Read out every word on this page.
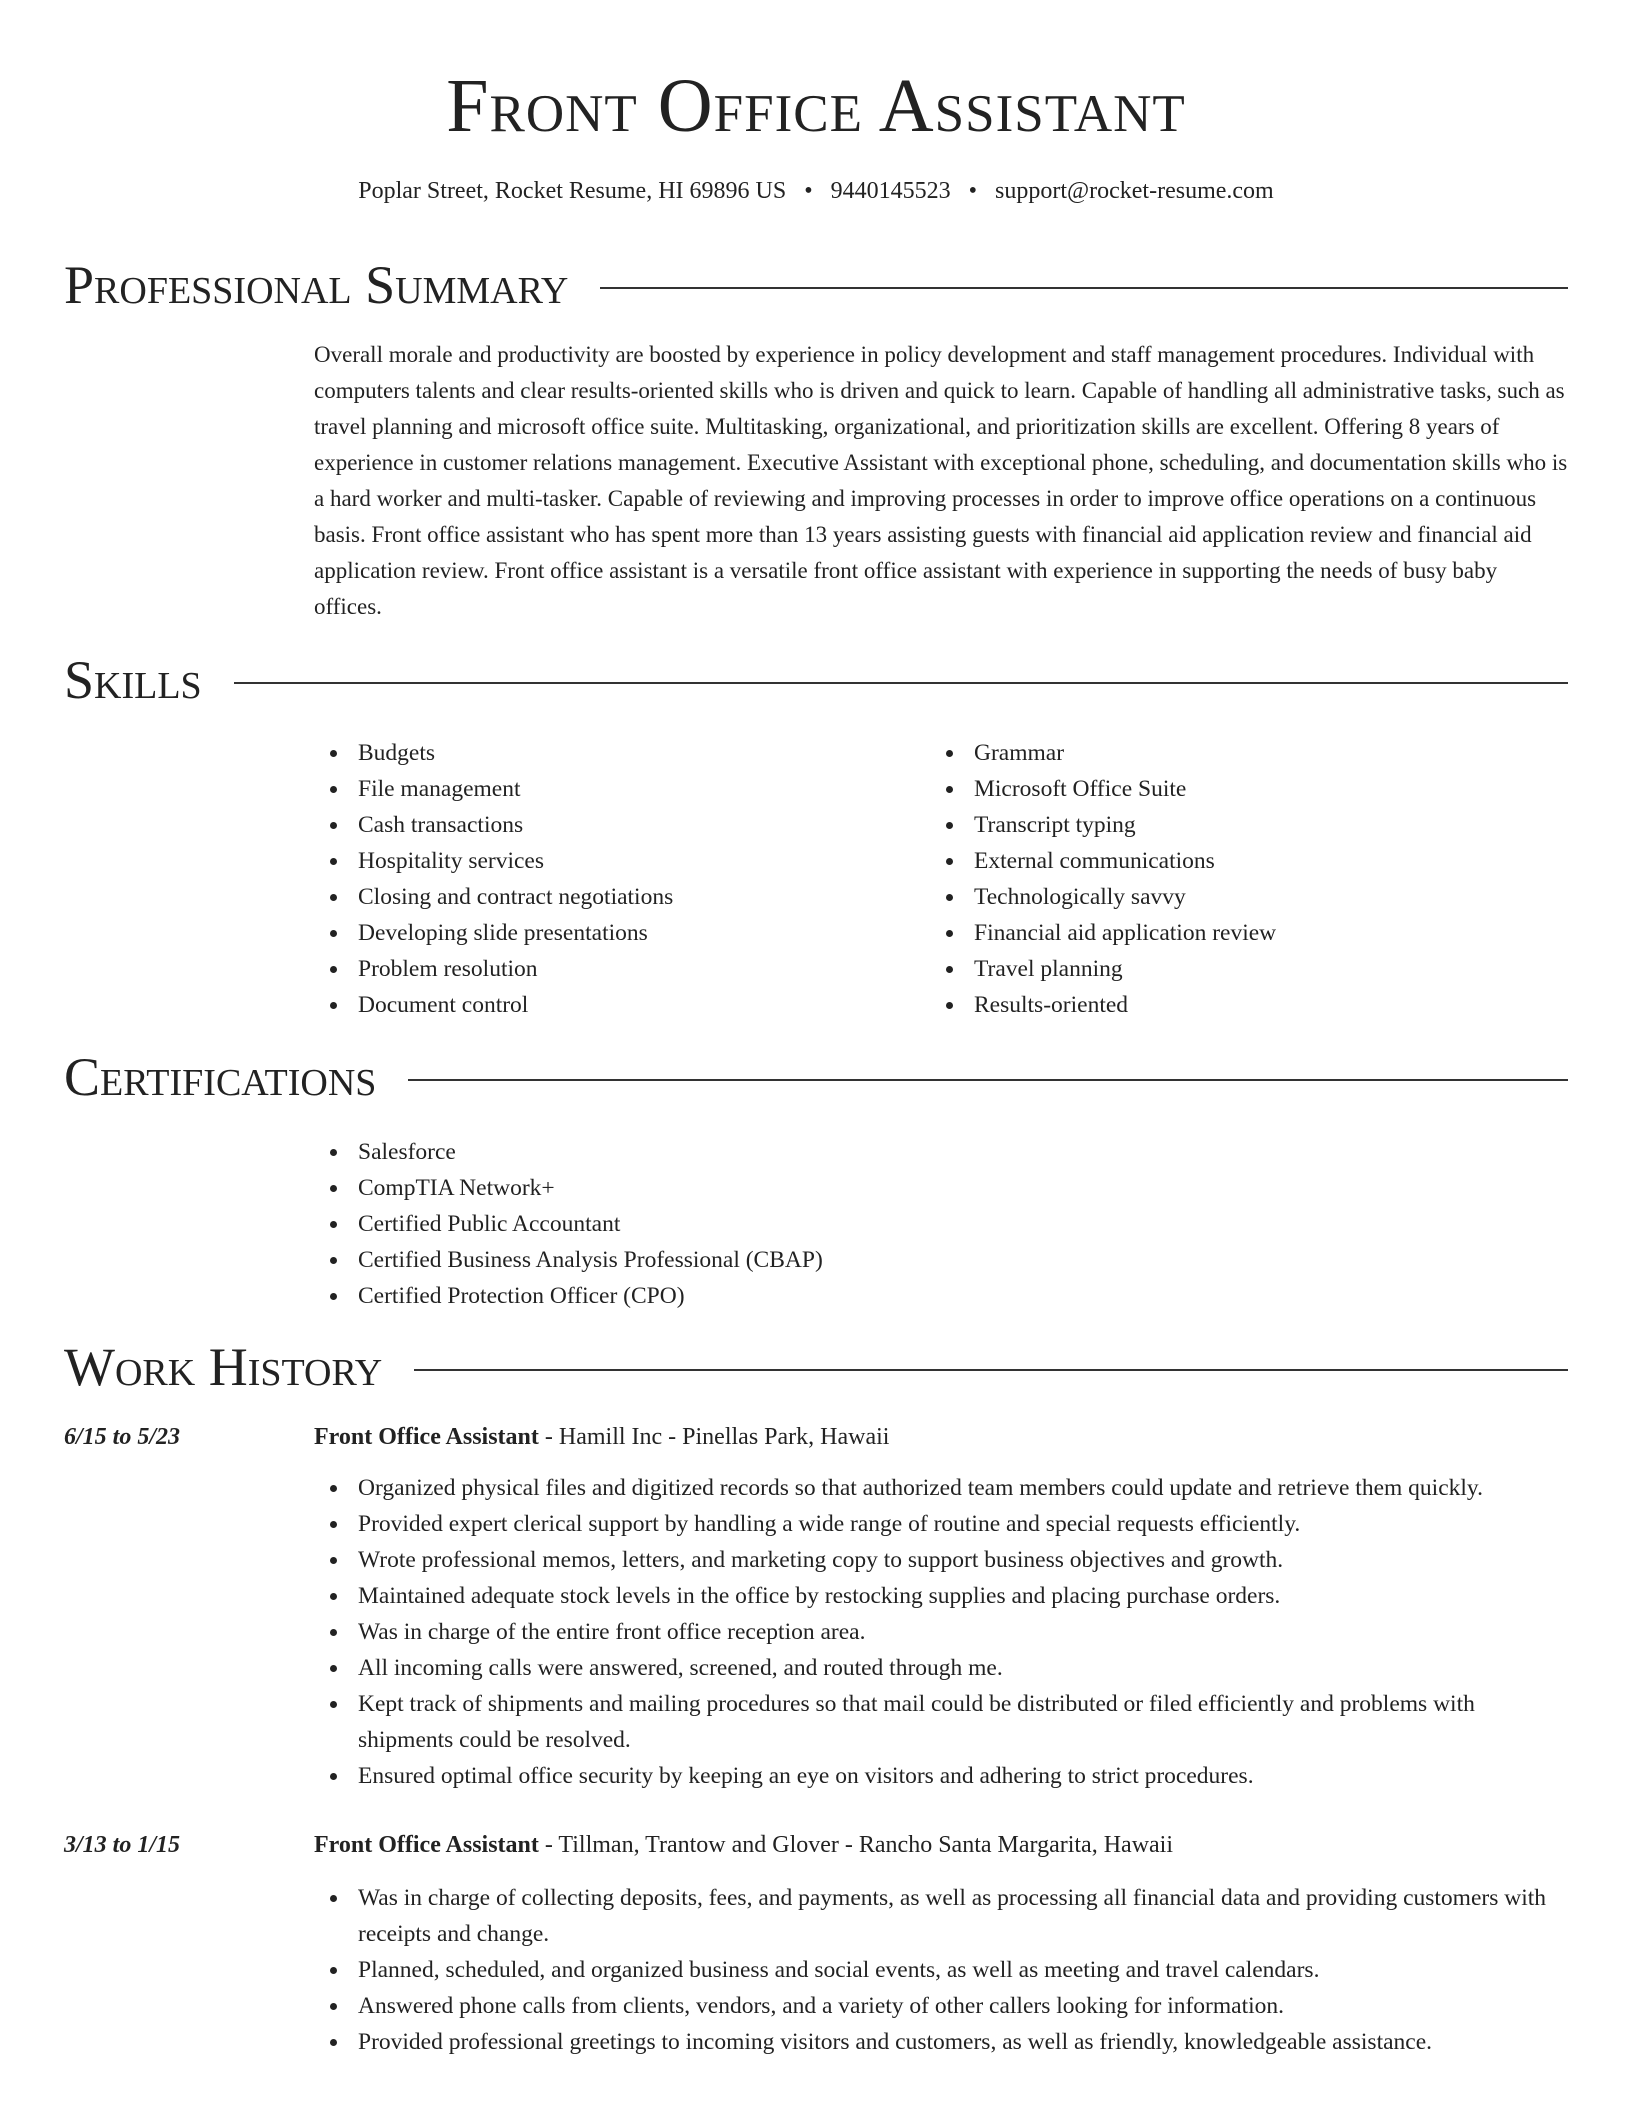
Front Office Assistant
Poplar Street, Rocket Resume, HI 69896 US • 9440145523 • support@rocket-resume.com
Professional Summary

Overall morale and productivity are boosted by experience in policy development and staff management procedures. Individual with computers talents and clear results-oriented skills who is driven and quick to learn. Capable of handling all administrative tasks, such as travel planning and microsoft office suite. Multitasking, organizational, and prioritization skills are excellent. Offering 8 years of experience in customer relations management. Executive Assistant with exceptional phone, scheduling, and documentation skills who is a hard worker and multi-tasker. Capable of reviewing and improving processes in order to improve office operations on a continuous basis. Front office assistant who has spent more than 13 years assisting guests with financial aid application review and financial aid application review. Front office assistant is a versatile front office assistant with experience in supporting the needs of busy baby offices.

Skills
Budgets
File management
Cash transactions
Hospitality services
Closing and contract negotiations
Developing slide presentations
Problem resolution
Document control
Grammar
Microsoft Office Suite
Transcript typing
External communications
Technologically savvy
Financial aid application review
Travel planning
Results-oriented
Certifications
Salesforce
CompTIA Network+
Certified Public Accountant
Certified Business Analysis Professional (CBAP)
Certified Protection Officer (CPO)
Work History
6/15 to 5/23	Front Office Assistant - Hamill Inc - Pinellas Park, Hawaii
Organized physical files and digitized records so that authorized team members could update and retrieve them quickly.
Provided expert clerical support by handling a wide range of routine and special requests efficiently.
Wrote professional memos, letters, and marketing copy to support business objectives and growth.
Maintained adequate stock levels in the office by restocking supplies and placing purchase orders.
Was in charge of the entire front office reception area.
All incoming calls were answered, screened, and routed through me.
Kept track of shipments and mailing procedures so that mail could be distributed or filed efficiently and problems with shipments could be resolved.
Ensured optimal office security by keeping an eye on visitors and adhering to strict procedures.
3/13 to 1/15	Front Office Assistant - Tillman, Trantow and Glover - Rancho Santa Margarita, Hawaii
Was in charge of collecting deposits, fees, and payments, as well as processing all financial data and providing customers with receipts and change.
Planned, scheduled, and organized business and social events, as well as meeting and travel calendars.
Answered phone calls from clients, vendors, and a variety of other callers looking for information.
Provided professional greetings to incoming visitors and customers, as well as friendly, knowledgeable assistance.
